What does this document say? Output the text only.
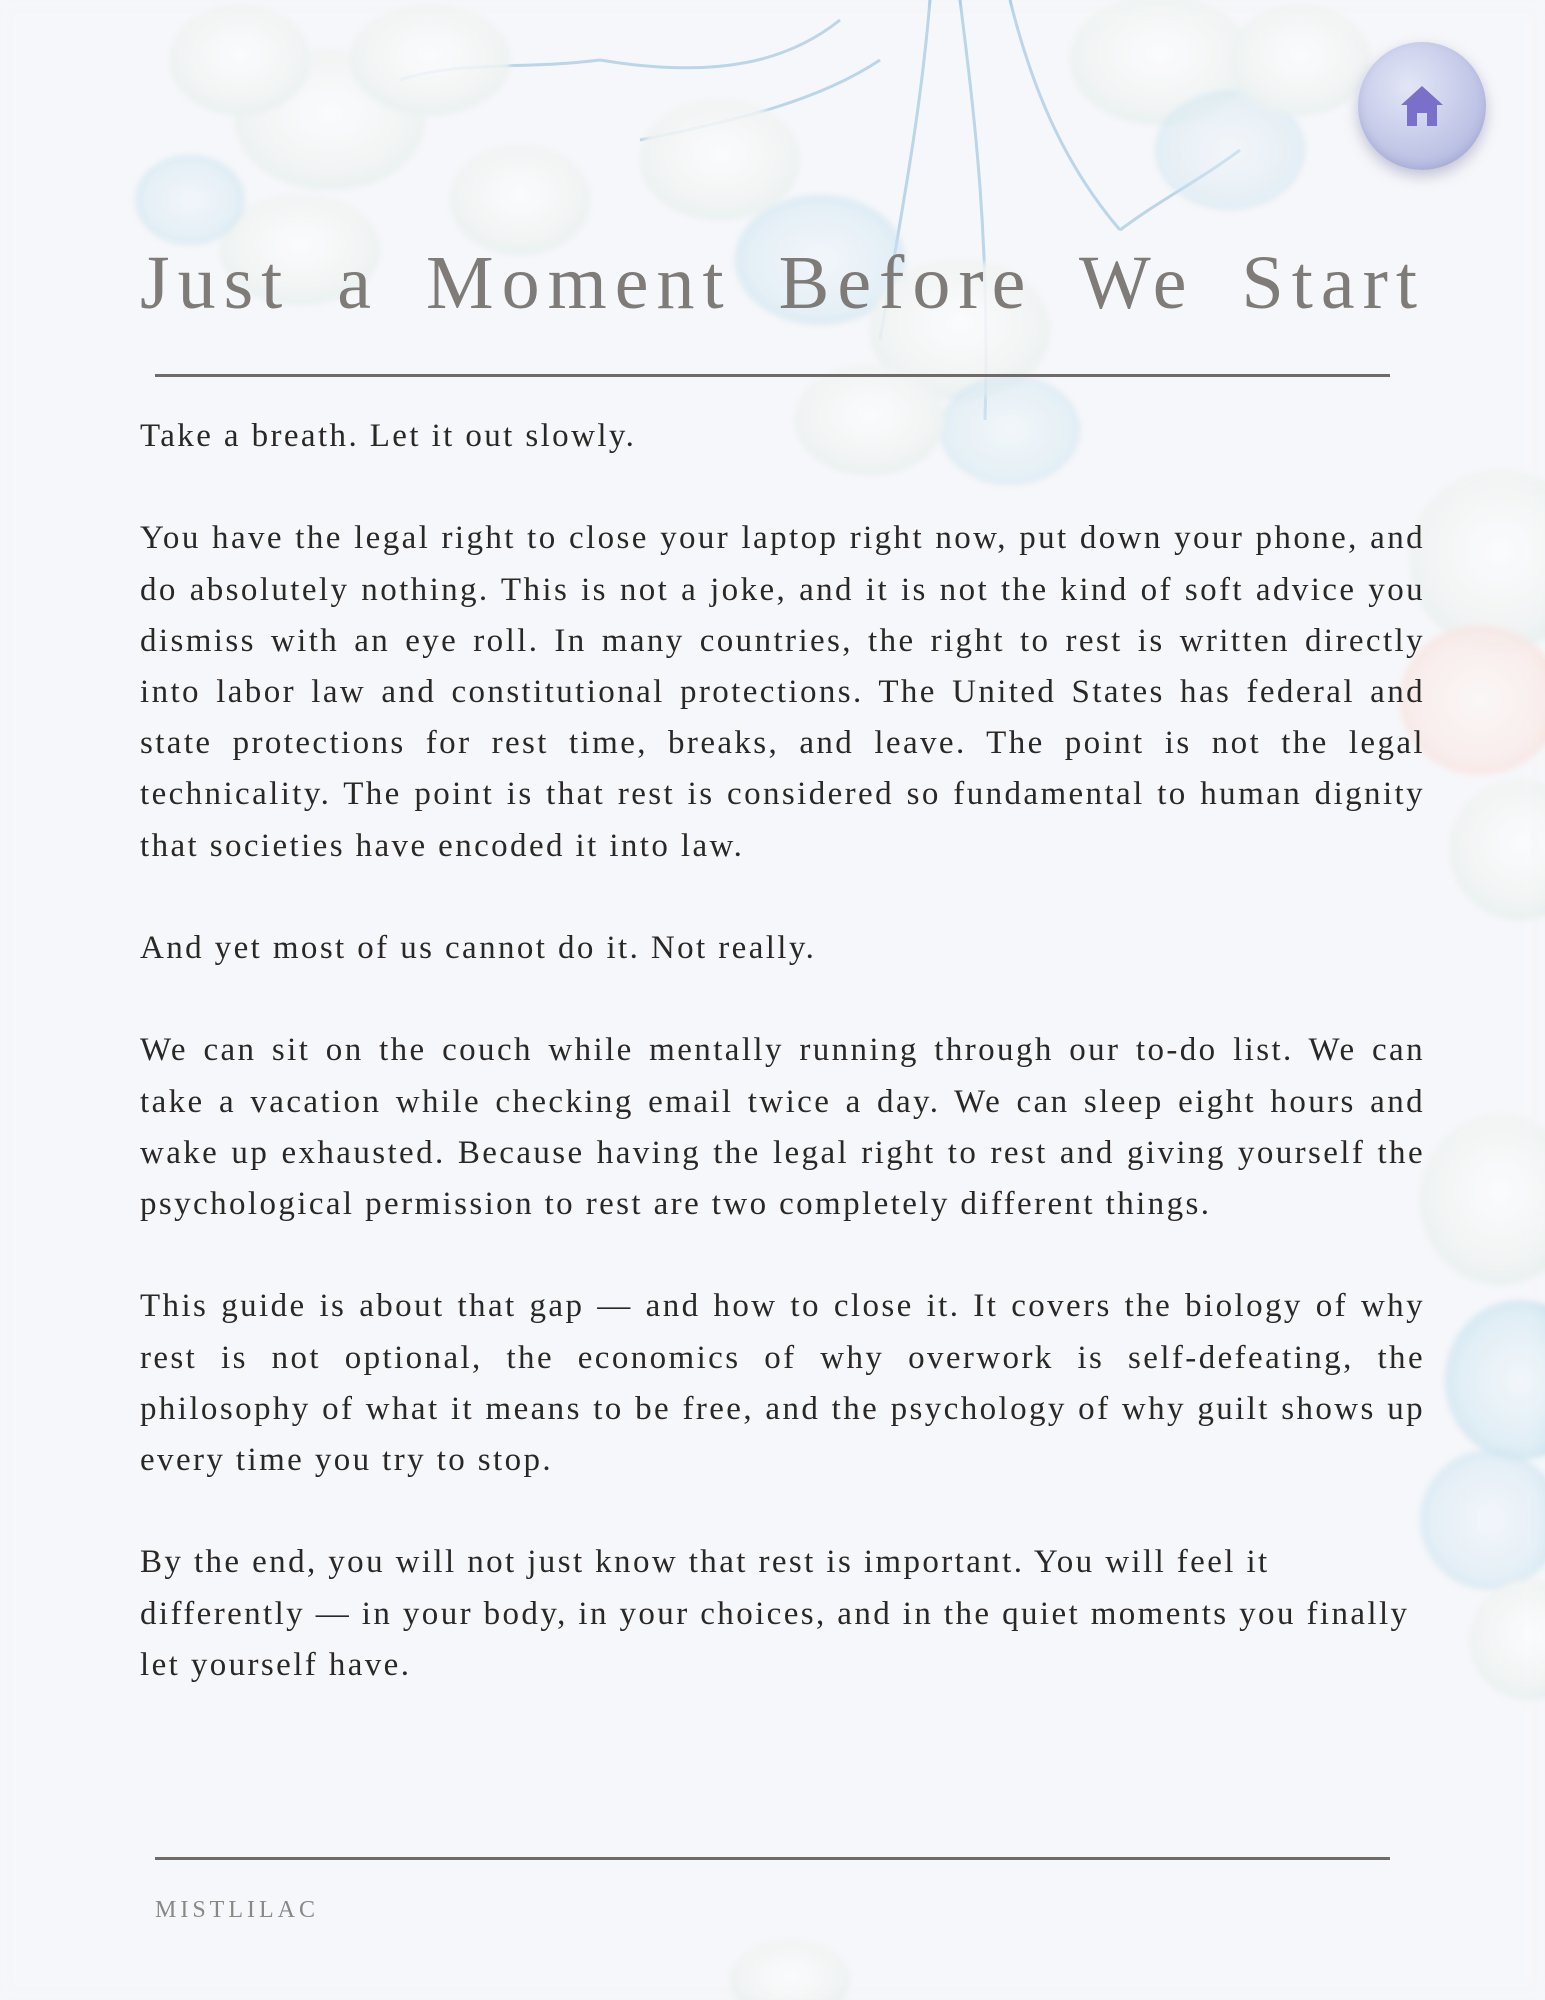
Just a Moment Before We Start

Take a breath. Let it out slowly.

You have the legal right to close your laptop right now, put down your phone, and do absolutely nothing. This is not a joke, and it is not the kind of soft advice you dismiss with an eye roll. In many countries, the right to rest is written directly into labor law and constitutional protections. The United States has federal and state protections for rest time, breaks, and leave. The point is not the legal technicality. The point is that rest is considered so fundamental to human dignity that societies have encoded it into law.

And yet most of us cannot do it. Not really.

We can sit on the couch while mentally running through our to-do list. We can take a vacation while checking email twice a day. We can sleep eight hours and wake up exhausted. Because having the legal right to rest and giving yourself the psychological permission to rest are two completely different things.

This guide is about that gap — and how to close it. It covers the biology of why rest is not optional, the economics of why overwork is self-defeating, the philosophy of what it means to be free, and the psychology of why guilt shows up every time you try to stop.

By the end, you will not just know that rest is important. You will feel it differently — in your body, in your choices, and in the quiet moments you finally let yourself have.

MISTLILAC
